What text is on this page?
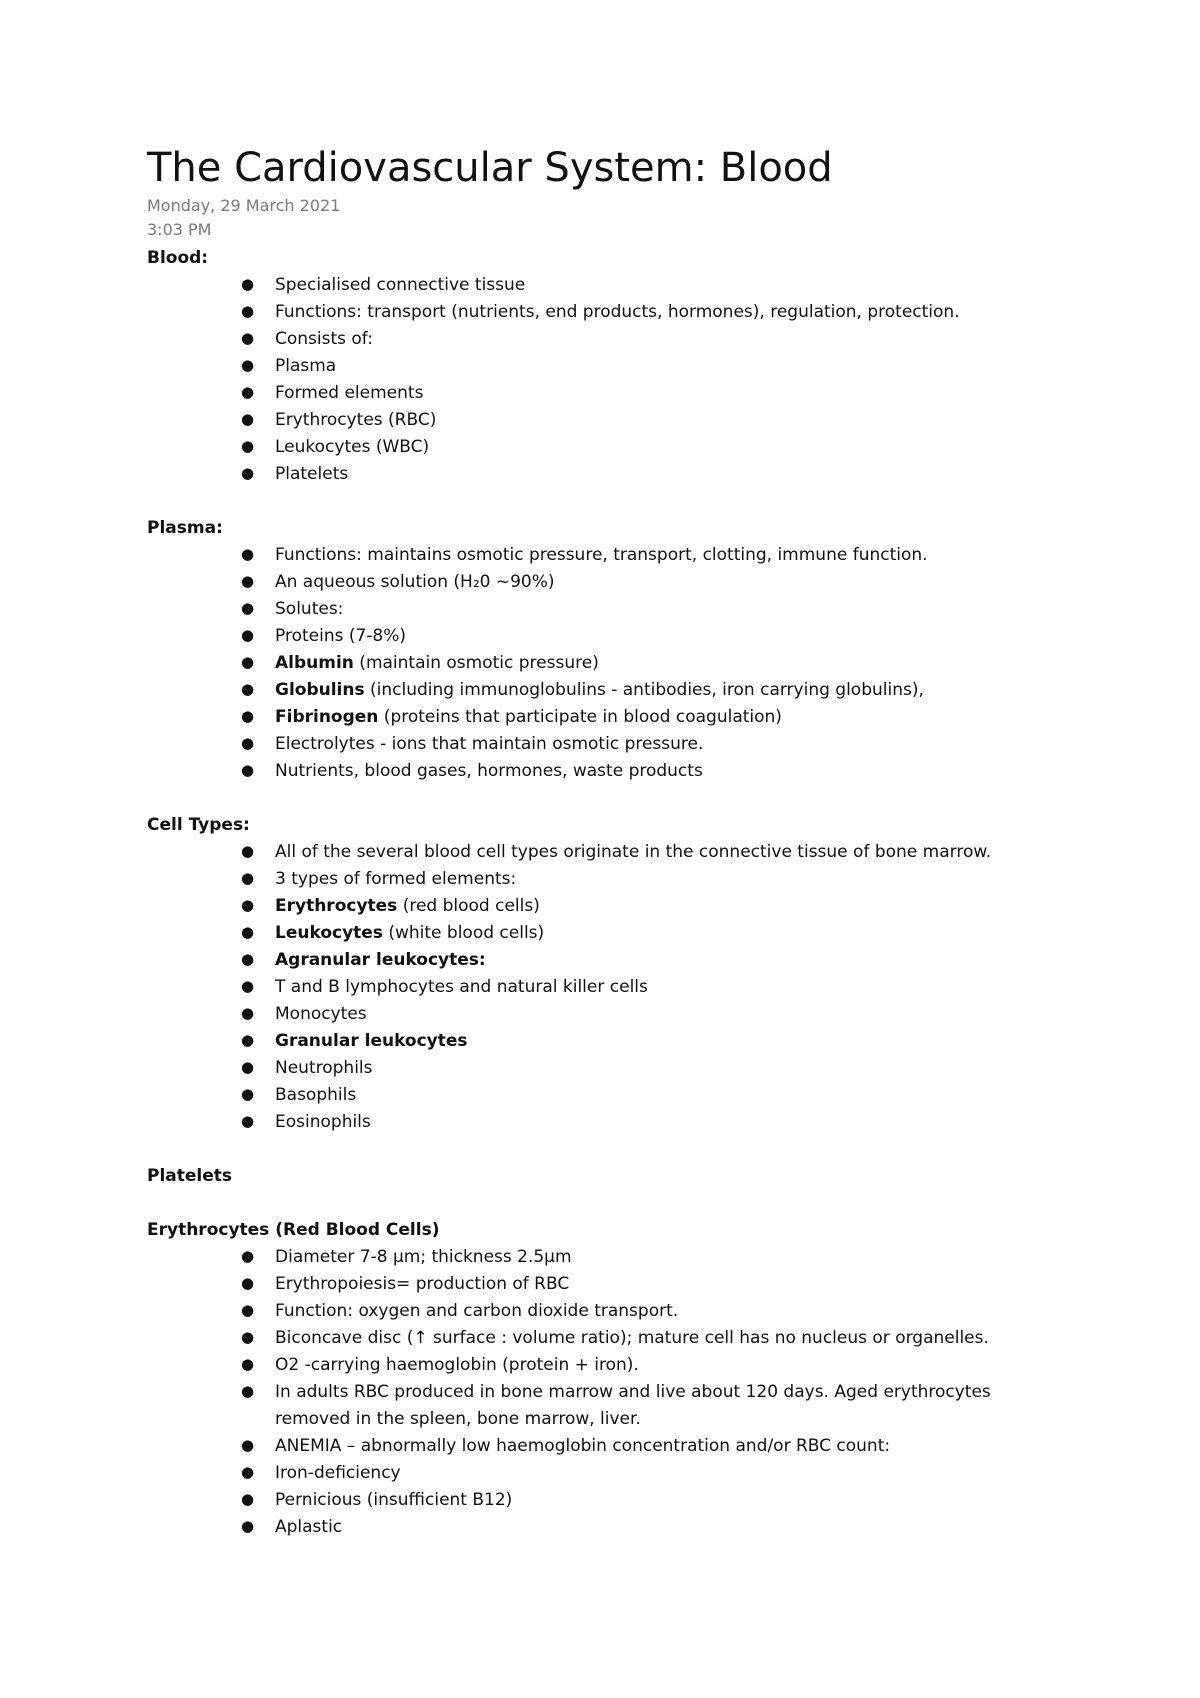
The Cardiovascular System: Blood
Monday, 29 March 2021
3:03 PM
Blood:
● Specialised connective tissue
● Functions: transport (nutrients, end products, hormones), regulation, protection.
● Consists of:
● Plasma
● Formed elements
● Erythrocytes (RBC)
● Leukocytes (WBC)
● Platelets
Plasma:
● Functions: maintains osmotic pressure, transport, clotting, immune function.
● An aqueous solution (H₂0 ~90%)
● Solutes:
● Proteins (7-8%)
● Albumin (maintain osmotic pressure)
● Globulins (including immunoglobulins - antibodies, iron carrying globulins),
● Fibrinogen (proteins that participate in blood coagulation)
● Electrolytes - ions that maintain osmotic pressure.
● Nutrients, blood gases, hormones, waste products
Cell Types:
● All of the several blood cell types originate in the connective tissue of bone marrow.
● 3 types of formed elements:
● Erythrocytes (red blood cells)
● Leukocytes (white blood cells)
● Agranular leukocytes:
● T and B lymphocytes and natural killer cells
● Monocytes
● Granular leukocytes
● Neutrophils
● Basophils
● Eosinophils
Platelets
Erythrocytes (Red Blood Cells)
● Diameter 7-8 µm; thickness 2.5µm
● Erythropoiesis= production of RBC
● Function: oxygen and carbon dioxide transport.
● Biconcave disc (↑ surface : volume ratio); mature cell has no nucleus or organelles.
● O2 -carrying haemoglobin (protein + iron).
● In adults RBC produced in bone marrow and live about 120 days. Aged erythrocytes
removed in the spleen, bone marrow, liver.
● ANEMIA – abnormally low haemoglobin concentration and/or RBC count:
● Iron-deficiency
● Pernicious (insufficient B12)
● Aplastic
